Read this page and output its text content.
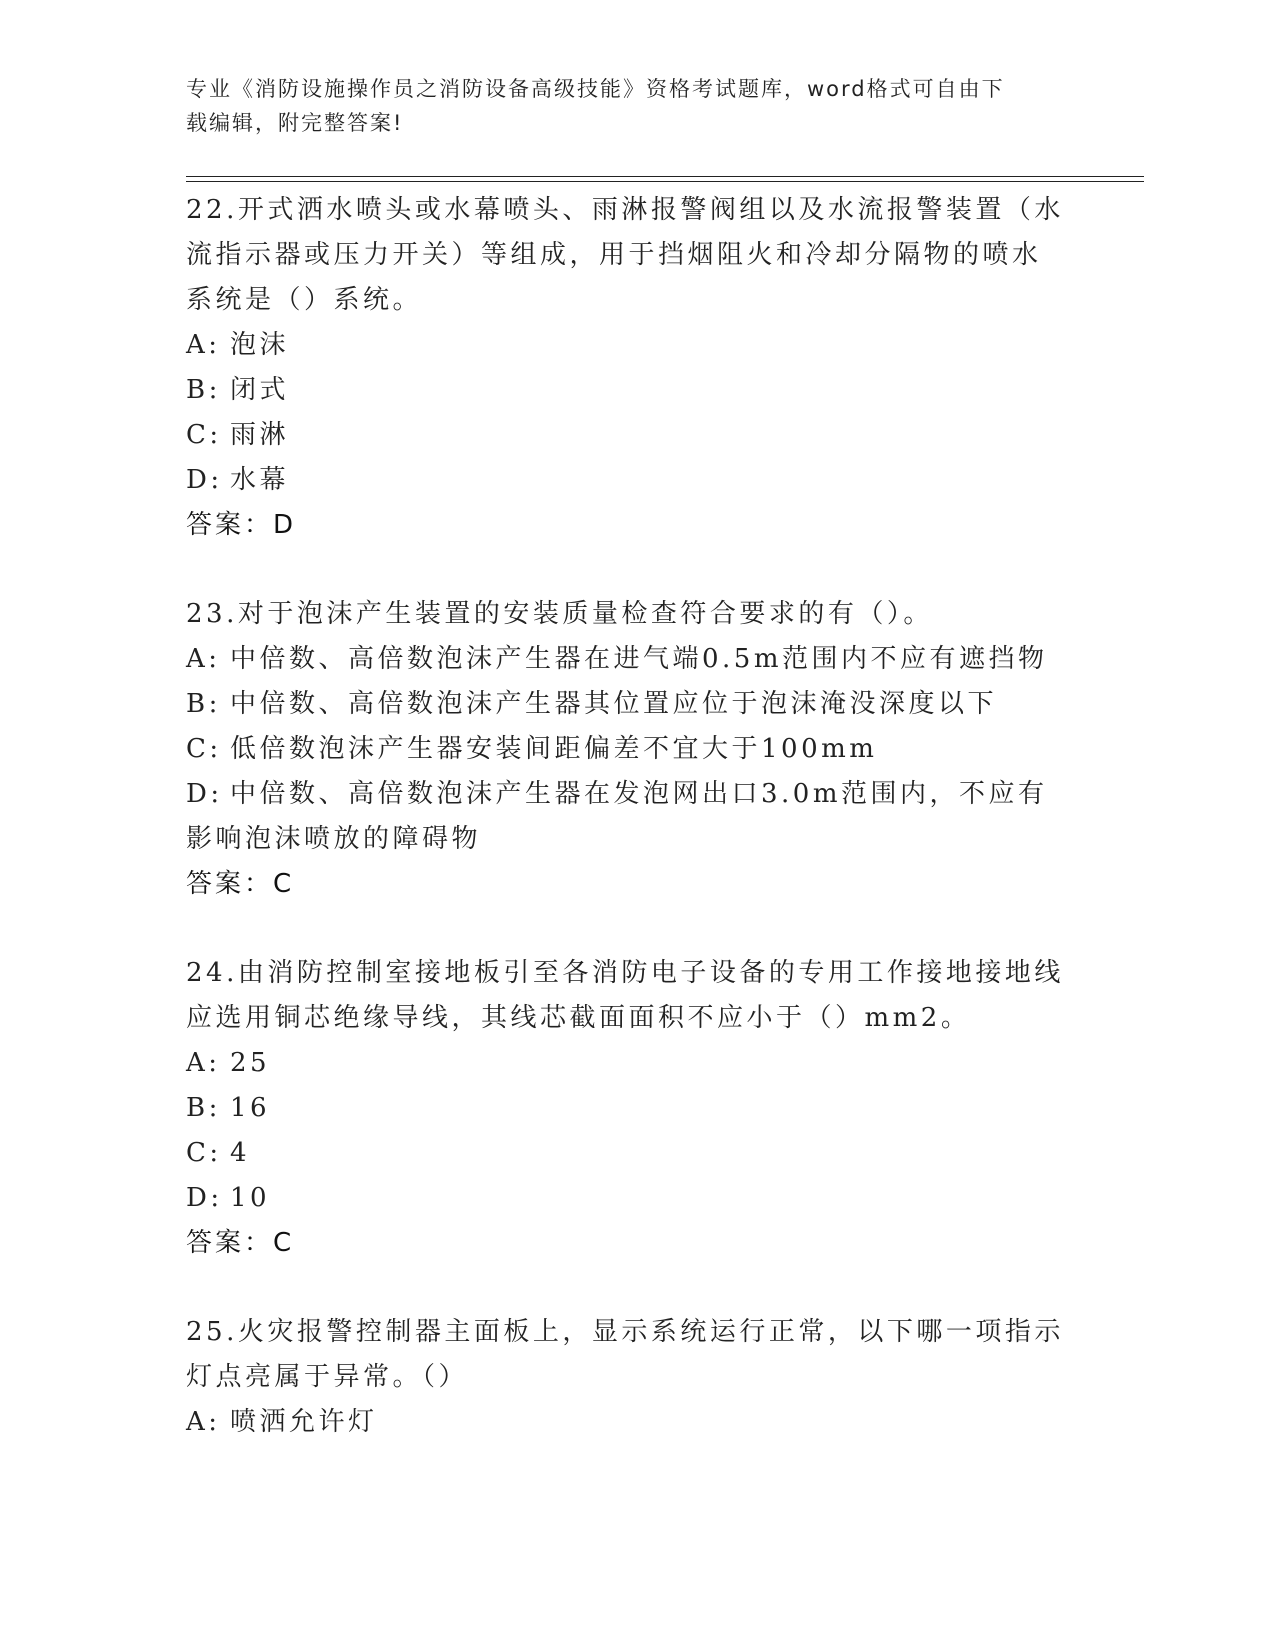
专业《消防设施操作员之消防设备高级技能》资格考试题库，word格式可自由下
载编辑，附完整答案!

22.开式洒水喷头或水幕喷头、雨淋报警阀组以及水流报警装置（水流指示器或压力开关）等组成，用于挡烟阻火和冷却分隔物的喷水系统是（）系统。

A: 泡沫

B: 闭式

C: 雨淋

D: 水幕

答案：D

23.对于泡沫产生装置的安装质量检查符合要求的有（）。

A: 中倍数、高倍数泡沫产生器在进气端0.5m范围内不应有遮挡物

B: 中倍数、高倍数泡沫产生器其位置应位于泡沫淹没深度以下

C: 低倍数泡沫产生器安装间距偏差不宜大于100mm

D: 中倍数、高倍数泡沫产生器在发泡网出口3.0m范围内，不应有影响泡沫喷放的障碍物

答案：C

24.由消防控制室接地板引至各消防电子设备的专用工作接地接地线应选用铜芯绝缘导线，其线芯截面面积不应小于（）mm2。

A: 25

B: 16

C: 4

D: 10

答案：C

25.火灾报警控制器主面板上，显示系统运行正常，以下哪一项指示灯点亮属于异常。（）

A: 喷洒允许灯
